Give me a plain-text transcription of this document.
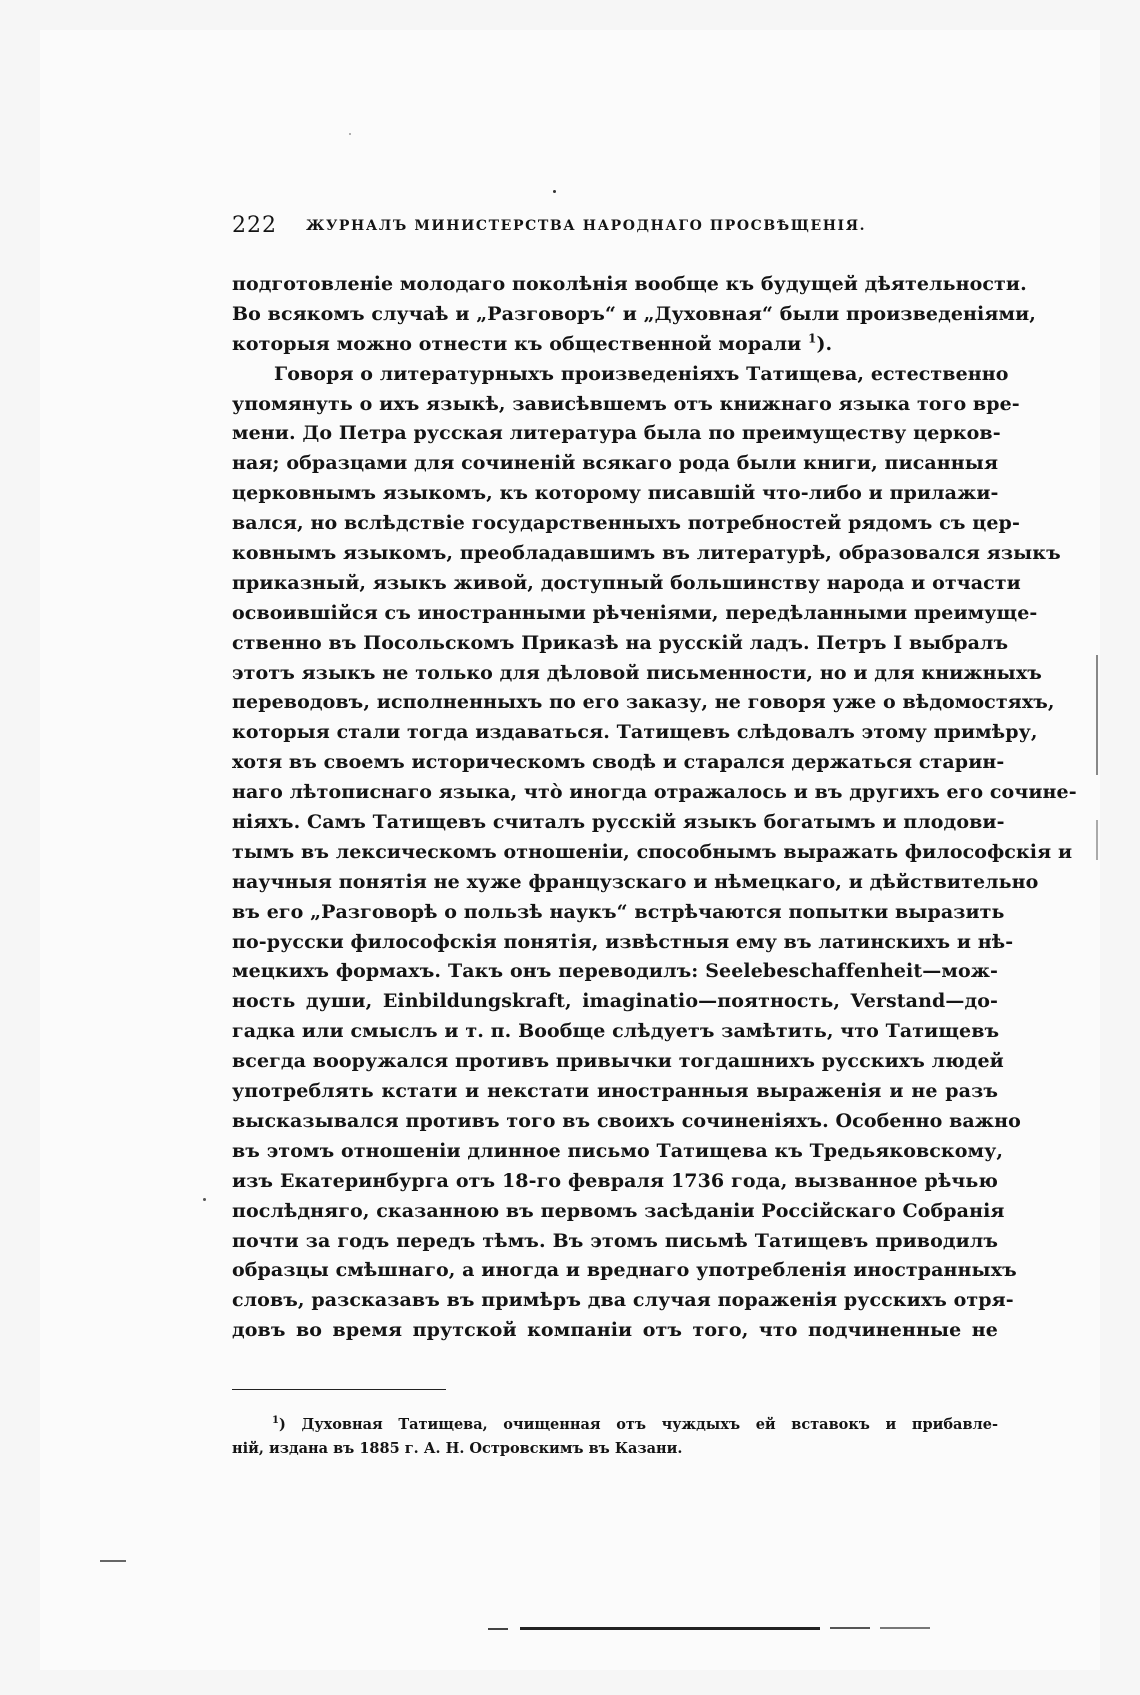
222 ЖУРНАЛЪ МИНИСТЕРСТВА НАРОДНАГО ПРОСВѢЩЕНІЯ.
подготовленіе молодаго поколѣнія вообще къ будущей дѣятельности.
Во всякомъ случаѣ и „Разговоръ“ и „Духовная“ были произведеніями,
которыя можно отнести къ общественной морали $^1$).
Говоря о литературныхъ произведеніяхъ Татищева, естественно
упомянуть о ихъ языкѣ, зависѣвшемъ отъ книжнаго языка того вре-
мени. До Петра русская литература была по преимуществу церков-
ная; образцами для сочиненій всякаго рода были книги, писанныя
церковнымъ языкомъ, къ которому писавшій что-либо и прилажи-
вался, но вслѣдствіе государственныхъ потребностей рядомъ съ цер-
ковнымъ языкомъ, преобладавшимъ въ литературѣ, образовался языкъ
приказный, языкъ живой, доступный большинству народа и отчасти
освоившійся съ иностранными рѣченіями, передѣланными преимуще-
ственно въ Посольскомъ Приказѣ на русскій ладъ. Петръ I выбралъ
этотъ языкъ не только для дѣловой письменности, но и для книжныхъ
переводовъ, исполненныхъ по его заказу, не говоря уже о вѣдомостяхъ,
которыя стали тогда издаваться. Татищевъ слѣдовалъ этому примѣру,
хотя въ своемъ историческомъ сводѣ и старался держаться старин-
наго лѣтописнаго языка, что̀ иногда отражалось и въ другихъ его сочине-
ніяхъ. Самъ Татищевъ считалъ русскій языкъ богатымъ и плодови-
тымъ въ лексическомъ отношеніи, способнымъ выражать философскія и
научныя понятія не хуже французскаго и нѣмецкаго, и дѣйствительно
въ его „Разговорѣ о пользѣ наукъ“ встрѣчаются попытки выразить
по-русски философскія понятія, извѣстныя ему въ латинскихъ и нѣ-
мецкихъ формахъ. Такъ онъ переводилъ: Seelebeschaffenheit—мож-
ность души, Einbildungskraft, imaginatio—поятность, Verstand—до-
гадка или смыслъ и т. п. Вообще слѣдуетъ замѣтить, что Татищевъ
всегда вооружался противъ привычки тогдашнихъ русскихъ людей
употреблять кстати и некстати иностранныя выраженія и не разъ
высказывался противъ того въ своихъ сочиненіяхъ. Особенно важно
въ этомъ отношеніи длинное письмо Татищева къ Тредьяковскому,
изъ Екатеринбурга отъ 18-го февраля 1736 года, вызванное рѣчью
послѣдняго, сказанною въ первомъ засѣданіи Россійскаго Собранія
почти за годъ передъ тѣмъ. Въ этомъ письмѣ Татищевъ приводилъ
образцы смѣшнаго, а иногда и вреднаго употребленія иностранныхъ
словъ, разсказавъ въ примѣръ два случая пораженія русскихъ отря-
довъ во время прутской компаніи отъ того, что подчиненные не
$^1$) Духовная Татищева, очищенная отъ чуждыхъ ей вставокъ и прибавле-
ній, издана въ 1885 г. А. Н. Островскимъ въ Казани.
